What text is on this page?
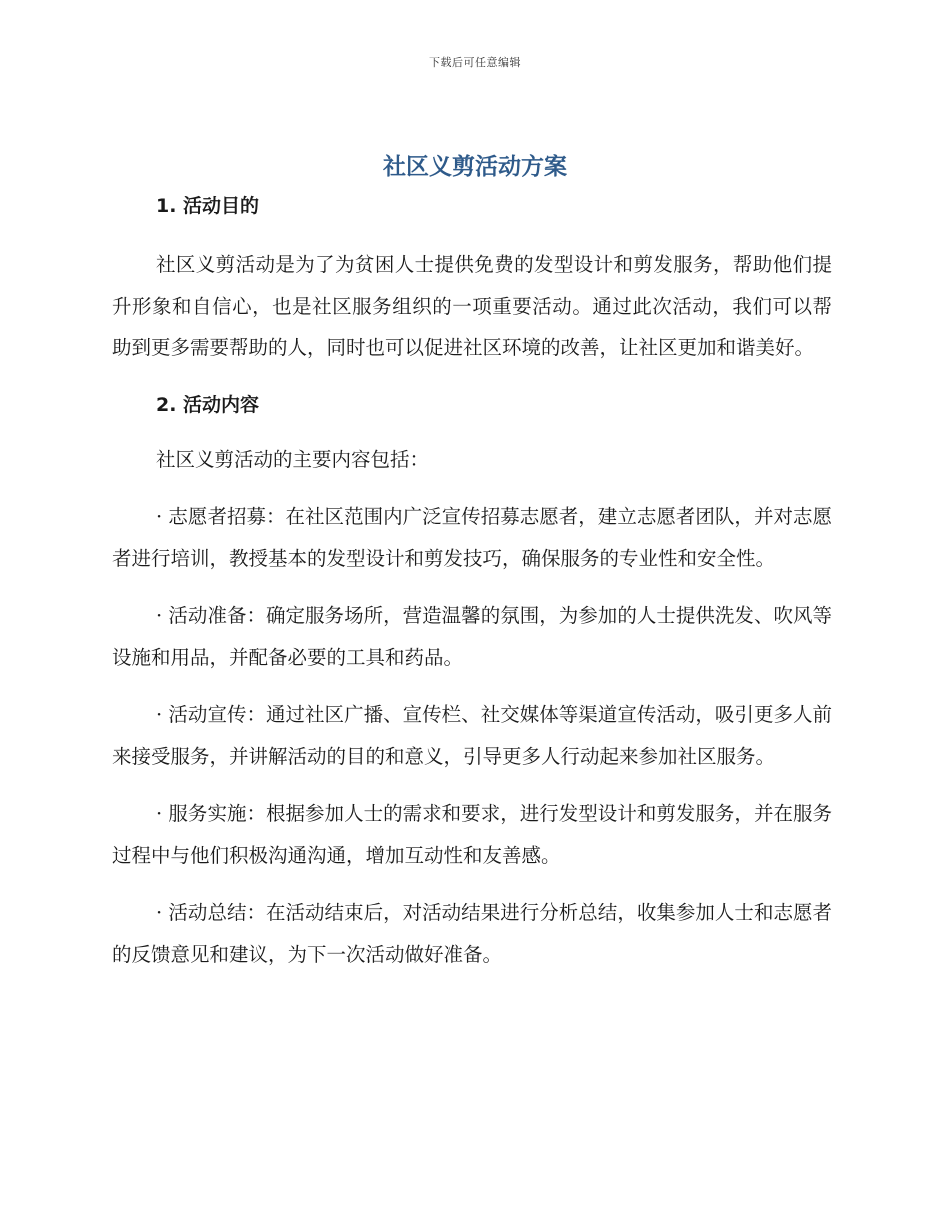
下载后可任意编辑
社区义剪活动方案
1. 活动目的

社区义剪活动是为了为贫困人士提供免费的发型设计和剪发服务，帮助他们提升形象和自信心，也是社区服务组织的一项重要活动。通过此次活动，我们可以帮助到更多需要帮助的人，同时也可以促进社区环境的改善，让社区更加和谐美好。

2. 活动内容

社区义剪活动的主要内容包括：

· 志愿者招募：在社区范围内广泛宣传招募志愿者，建立志愿者团队，并对志愿者进行培训，教授基本的发型设计和剪发技巧，确保服务的专业性和安全性。

· 活动准备：确定服务场所，营造温馨的氛围，为参加的人士提供洗发、吹风等设施和用品，并配备必要的工具和药品。

· 活动宣传：通过社区广播、宣传栏、社交媒体等渠道宣传活动，吸引更多人前来接受服务，并讲解活动的目的和意义，引导更多人行动起来参加社区服务。

· 服务实施：根据参加人士的需求和要求，进行发型设计和剪发服务，并在服务过程中与他们积极沟通沟通，增加互动性和友善感。

· 活动总结：在活动结束后，对活动结果进行分析总结，收集参加人士和志愿者的反馈意见和建议，为下一次活动做好准备。
